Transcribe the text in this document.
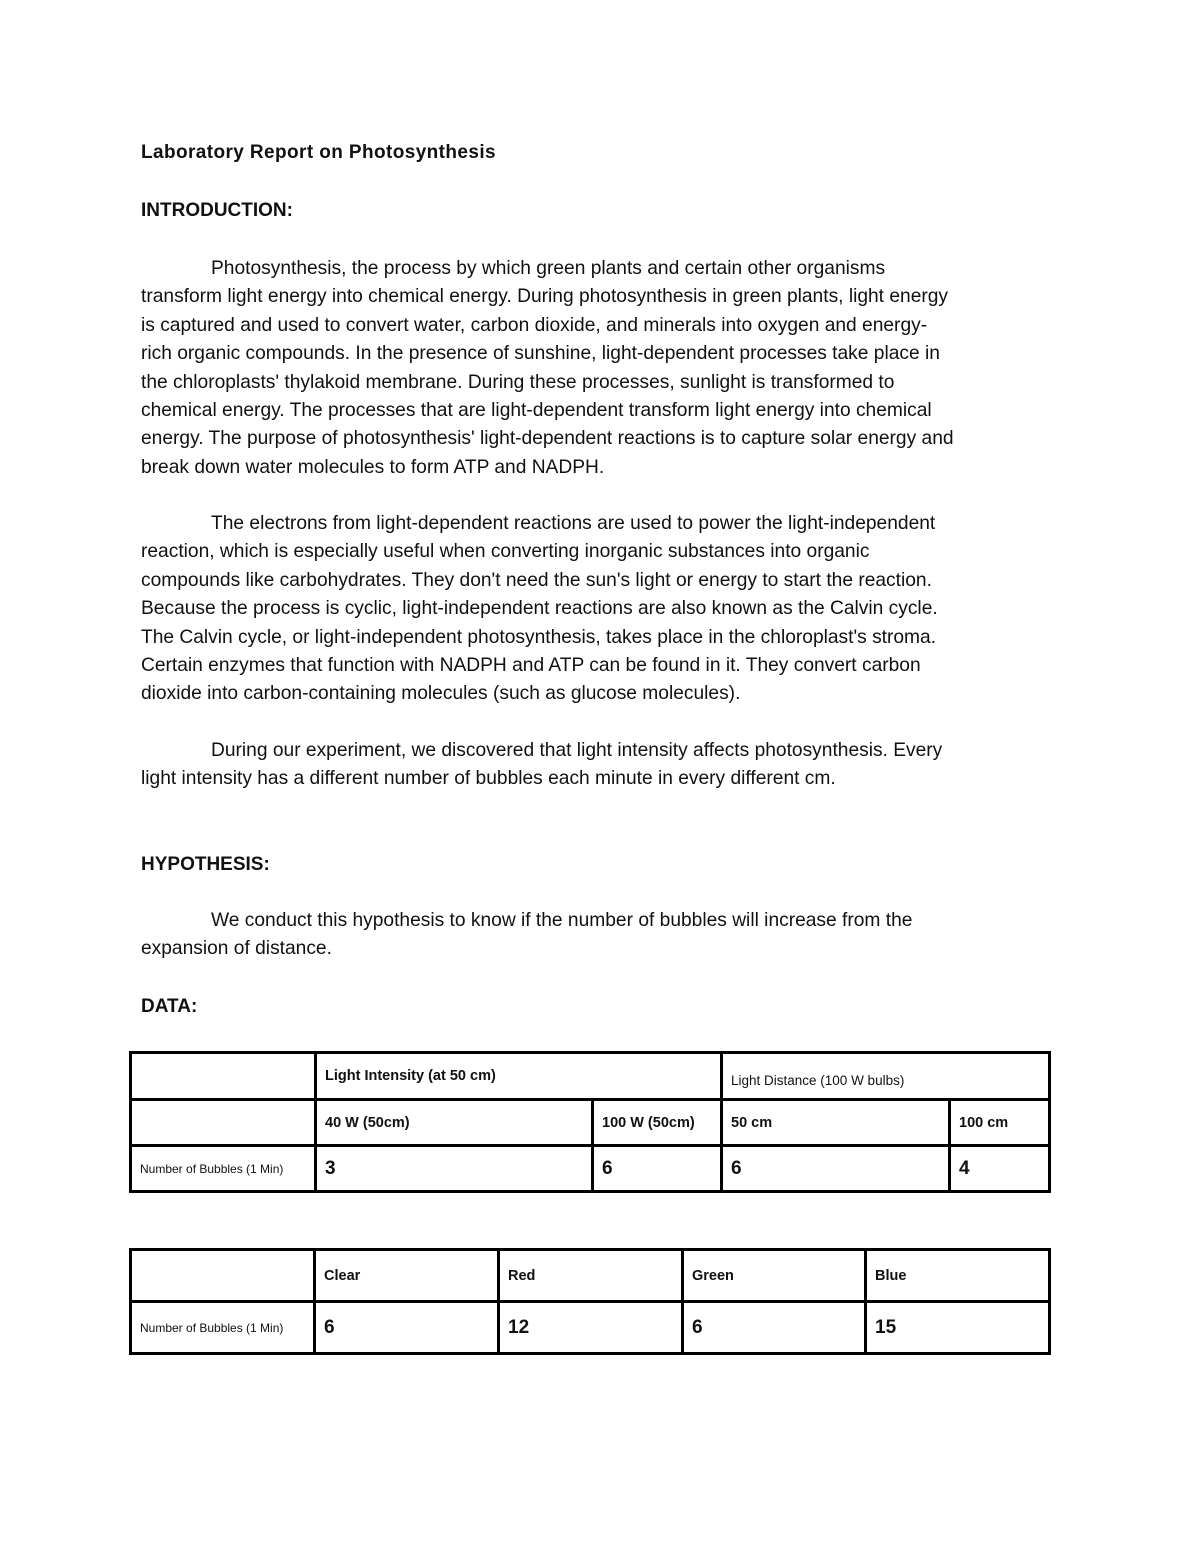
Laboratory Report on Photosynthesis
INTRODUCTION:

Photosynthesis, the process by which green plants and certain other organisms
transform light energy into chemical energy. During photosynthesis in green plants, light energy
is captured and used to convert water, carbon dioxide, and minerals into oxygen and energy-
rich organic compounds. In the presence of sunshine, light-dependent processes take place in
the chloroplasts' thylakoid membrane. During these processes, sunlight is transformed to
chemical energy. The processes that are light-dependent transform light energy into chemical
energy. The purpose of photosynthesis' light-dependent reactions is to capture solar energy and
break down water molecules to form ATP and NADPH.

The electrons from light-dependent reactions are used to power the light-independent
reaction, which is especially useful when converting inorganic substances into organic
compounds like carbohydrates. They don't need the sun's light or energy to start the reaction.
Because the process is cyclic, light-independent reactions are also known as the Calvin cycle.
The Calvin cycle, or light-independent photosynthesis, takes place in the chloroplast's stroma.
Certain enzymes that function with NADPH and ATP can be found in it. They convert carbon
dioxide into carbon-containing molecules (such as glucose molecules).

During our experiment, we discovered that light intensity affects photosynthesis. Every
light intensity has a different number of bubbles each minute in every different cm.

HYPOTHESIS:

We conduct this hypothesis to know if the number of bubbles will increase from the
expansion of distance.

DATA:
	Light Intensity (at 50 cm)		Light Distance (100 W bulbs)	
	40 W (50cm)	100 W (50cm)	50 cm	100 cm
Number of Bubbles (1 Min)	3	6	6	4
	Clear	Red	Green	Blue
Number of Bubbles (1 Min)	6	12	6	15
